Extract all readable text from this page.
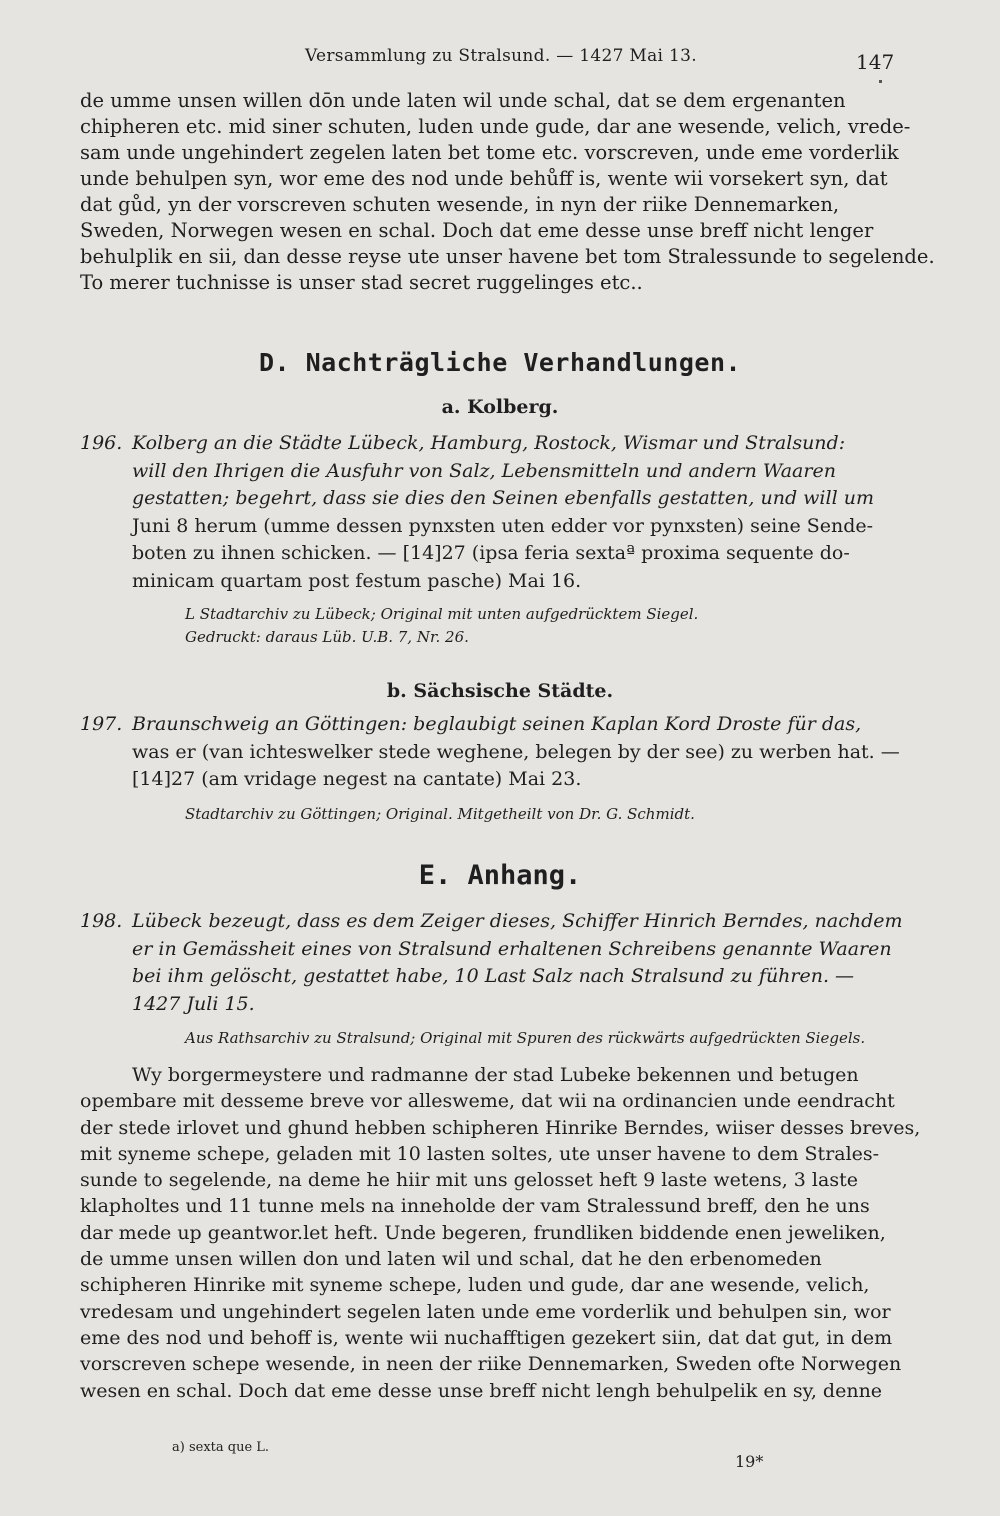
Versammlung zu Stralsund. — 1427 Mai 13.	147
de umme unsen willen dōn unde laten wil unde schal, dat se dem ergenanten
chipheren etc. mid siner schuten, luden unde gude, dar ane wesende, velich, vrede-
sam unde ungehindert zegelen laten bet tome etc. vorscreven, unde eme vorderlik
unde behulpen syn, wor eme des nod unde behůff is, wente wii vorsekert syn, dat
dat gůd, yn der vorscreven schuten wesende, in nyn der riike Dennemarken,
Sweden, Norwegen wesen en schal. Doch dat eme desse unse breff nicht lenger
behulplik en sii, dan desse reyse ute unser havene bet tom Stralessunde to segelende.
To merer tuchnisse is unser stad secret ruggelinges etc..
D. Nachträgliche Verhandlungen.
a. Kolberg.
196. Kolberg an die Städte Lübeck, Hamburg, Rostock, Wismar und Stralsund:
will den Ihrigen die Ausfuhr von Salz, Lebensmitteln und andern Waaren
gestatten; begehrt, dass sie dies den Seinen ebenfalls gestatten, und will um
Juni 8 herum (umme dessen pynxsten uten edder vor pynxsten) seine Sende-
boten zu ihnen schicken. — [14]27 (ipsa feria sextaª proxima sequente do-
minicam quartam post festum pasche) Mai 16.
L Stadtarchiv zu Lübeck; Original mit unten aufgedrücktem Siegel.
Gedruckt: daraus Lüb. U.B. 7, Nr. 26.
b. Sächsische Städte.
197. Braunschweig an Göttingen: beglaubigt seinen Kaplan Kord Droste für das,
was er (van ichteswelker stede weghene, belegen by der see) zu werben hat. —
[14]27 (am vridage negest na cantate) Mai 23.
Stadtarchiv zu Göttingen; Original. Mitgetheilt von Dr. G. Schmidt.
E. Anhang.
198. Lübeck bezeugt, dass es dem Zeiger dieses, Schiffer Hinrich Berndes, nachdem
er in Gemässheit eines von Stralsund erhaltenen Schreibens genannte Waaren
bei ihm gelöscht, gestattet habe, 10 Last Salz nach Stralsund zu führen. —
1427 Juli 15.
Aus Rathsarchiv zu Stralsund; Original mit Spuren des rückwärts aufgedrückten Siegels.
Wy borgermeystere und radmanne der stad Lubeke bekennen und betugen
opembare mit desseme breve vor allesweme, dat wii na ordinancien unde eendracht
der stede irlovet und ghund hebben schipheren Hinrike Berndes, wiiser desses breves,
mit syneme schepe, geladen mit 10 lasten soltes, ute unser havene to dem Strales-
sunde to segelende, na deme he hiir mit uns gelosset heft 9 laste wetens, 3 laste
klapholtes und 11 tunne mels na inneholde der vam Stralessund breff, den he uns
dar mede up geantwor.let heft. Unde begeren, frundliken biddende enen jeweliken,
de umme unsen willen don und laten wil und schal, dat he den erbenomeden
schipheren Hinrike mit syneme schepe, luden und gude, dar ane wesende, velich,
vredesam und ungehindert segelen laten unde eme vorderlik und behulpen sin, wor
eme des nod und behoff is, wente wii nuchafftigen gezekert siin, dat dat gut, in dem
vorscreven schepe wesende, in neen der riike Dennemarken, Sweden ofte Norwegen
wesen en schal. Doch dat eme desse unse breff nicht lengh behulpelik en sy, denne
a) sexta que L.
19*
